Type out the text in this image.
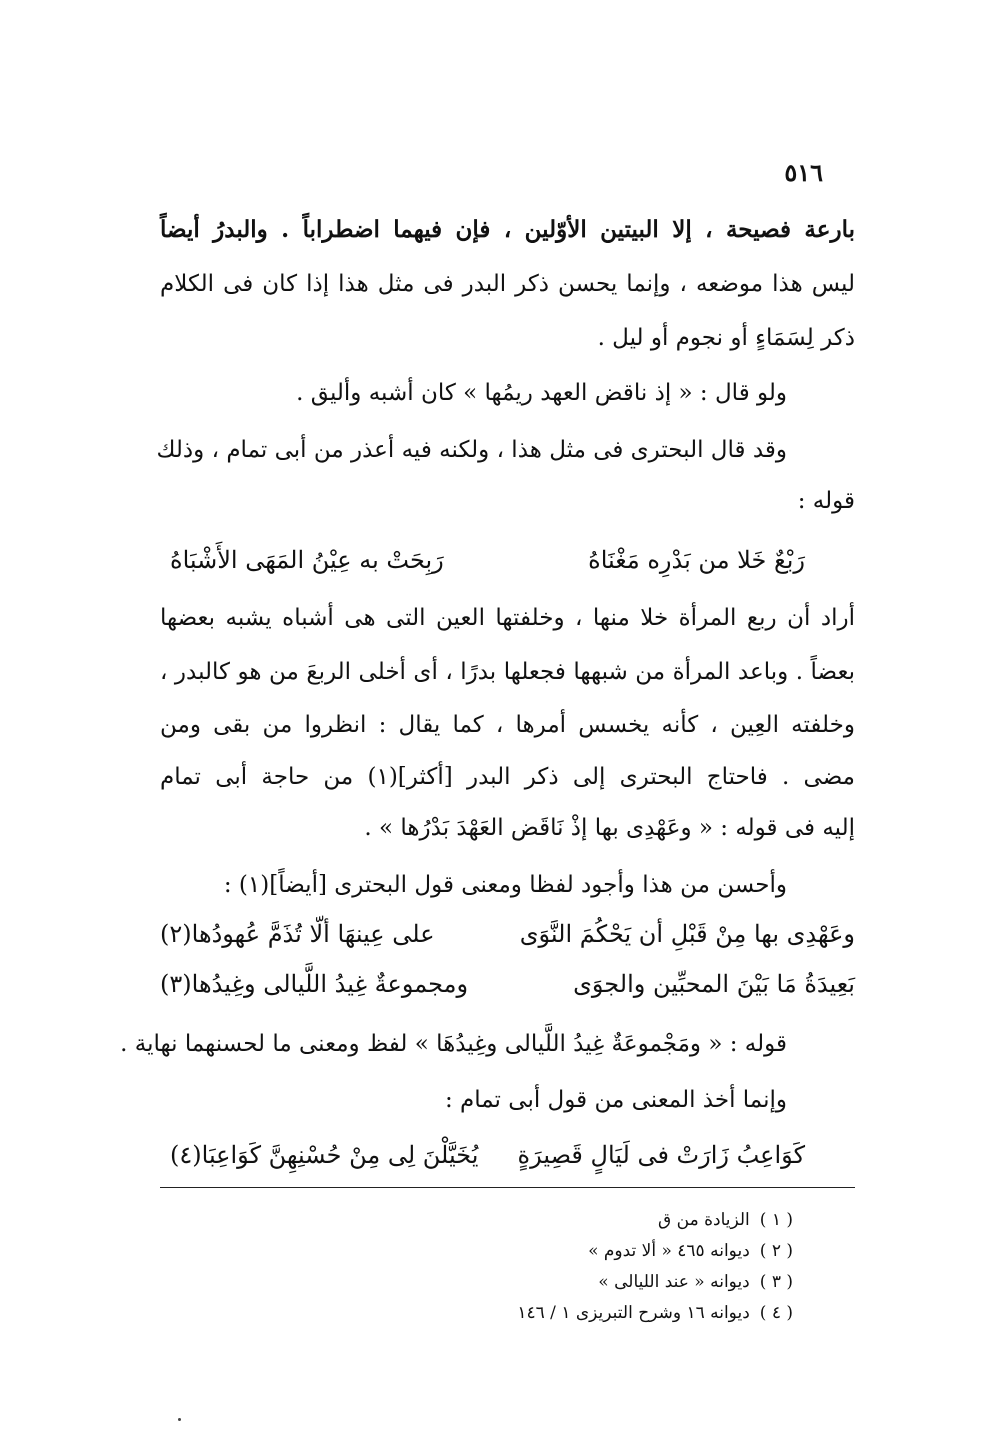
٥١٦
بارعة فصيحة ، إلا البيتين الأوّلين ، فإن فيهما اضطراباً . والبدرُ أيضاً
ليس هذا موضعه ، وإنما يحسن ذكر البدر فى مثل هذا إذا كان فى الكلام
ذكر لِسَمَاءٍ أو نجوم أو ليل .
ولو قال : « إذ ناقض العهد ريمُها » كان أشبه وأليق .
وقد قال البحترى فى مثل هذا ، ولكنه فيه أعذر من أبى تمام ، وذلك
قوله :
رَبْعٌ خَلا من بَدْرِه مَغْنَاهُ
رَبِحَتْ به عِيْنُ المَهَى الأَشْبَاهُ
أراد أن ربع المرأة خلا منها ، وخلفتها العين التى هى أشباه يشبه بعضها
بعضاً . وباعد المرأة من شبهها فجعلها بدرًا ، أى أخلى الربعَ من هو كالبدر ،
وخلفته العِين ، كأنه يخسس أمرها ، كما يقال : انظروا من بقى ومن
مضى . فاحتاج البحترى إلى ذكر البدر [أكثر](١) من حاجة أبى تمام
إليه فى قوله : « وعَهْدِى بها إذْ نَاقَض العَهْدَ بَدْرُها » .
وأحسن من هذا وأجود لفظا ومعنى قول البحترى [أيضاً](١) :
وعَهْدِى بها مِنْ قَبْلِ أن يَحْكُمَ النَّوَى
على عِينهَا ألّا تُذَمَّ عُهودُها(٢)
بَعِيدَةُ مَا بَيْنَ المحبِّين والجوَى
ومجموعةٌ غِيدُ اللَّيالى وغِيدُها(٣)
قوله : « ومَجْموعَةٌ غِيدُ اللَّيالى وغِيدُهَا » لفظ ومعنى ما لحسنهما نهاية .
وإنما أخذ المعنى من قول أبى تمام :
كَوَاعِبُ زَارَتْ فى لَيَالٍ قَصِيرَةٍ
يُخَيَّلْنَ لِى مِنْ حُسْنِهِنَّ كَوَاعِبَا(٤)
( ١ )الزيادة من ق
( ٢ )ديوانه ٤٦٥ « ألا تدوم »
( ٣ )ديوانه « عند الليالى »
( ٤ )ديوانه ١٦ وشرح التبريزى ١ / ١٤٦
